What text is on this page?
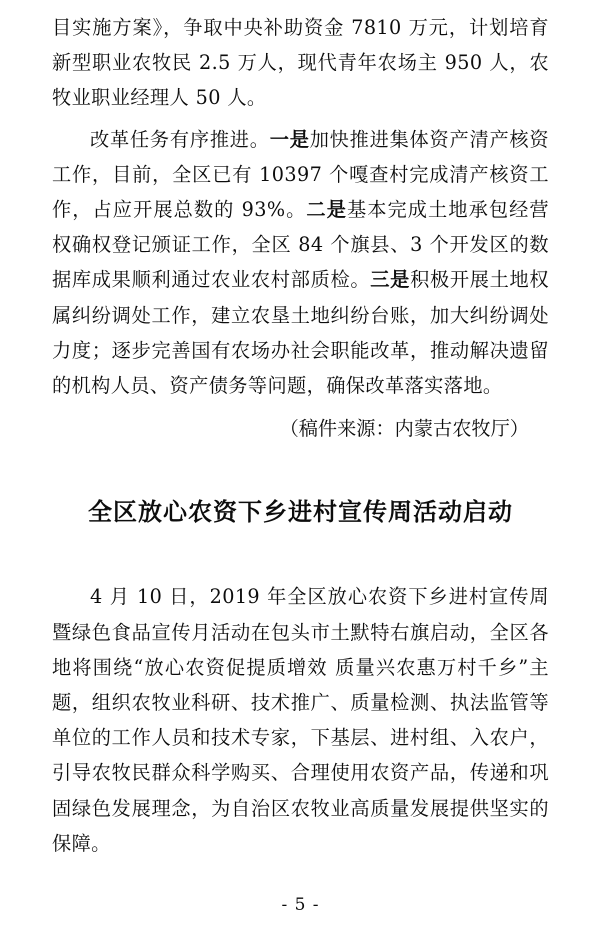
目实施方案》，争取中央补助资金 7810 万元，计划培育新型职业农牧民 2.5 万人，现代青年农场主 950 人，农牧业职业经理人 50 人。

改革任务有序推进。一是加快推进集体资产清产核资工作，目前，全区已有 10397 个嘎查村完成清产核资工作，占应开展总数的 93%。二是基本完成土地承包经营权确权登记颁证工作，全区 84 个旗县、3 个开发区的数据库成果顺利通过农业农村部质检。三是积极开展土地权属纠纷调处工作，建立农垦土地纠纷台账，加大纠纷调处力度；逐步完善国有农场办社会职能改革，推动解决遗留的机构人员、资产债务等问题，确保改革落实落地。

（稿件来源：内蒙古农牧厅）

全区放心农资下乡进村宣传周活动启动

4 月 10 日，2019 年全区放心农资下乡进村宣传周暨绿色食品宣传月活动在包头市土默特右旗启动，全区各地将围绕“放心农资促提质增效 质量兴农惠万村千乡”主题，组织农牧业科研、技术推广、质量检测、执法监管等单位的工作人员和技术专家，下基层、进村组、入农户，引导农牧民群众科学购买、合理使用农资产品，传递和巩固绿色发展理念，为自治区农牧业高质量发展提供坚实的保障。

- 5 -
